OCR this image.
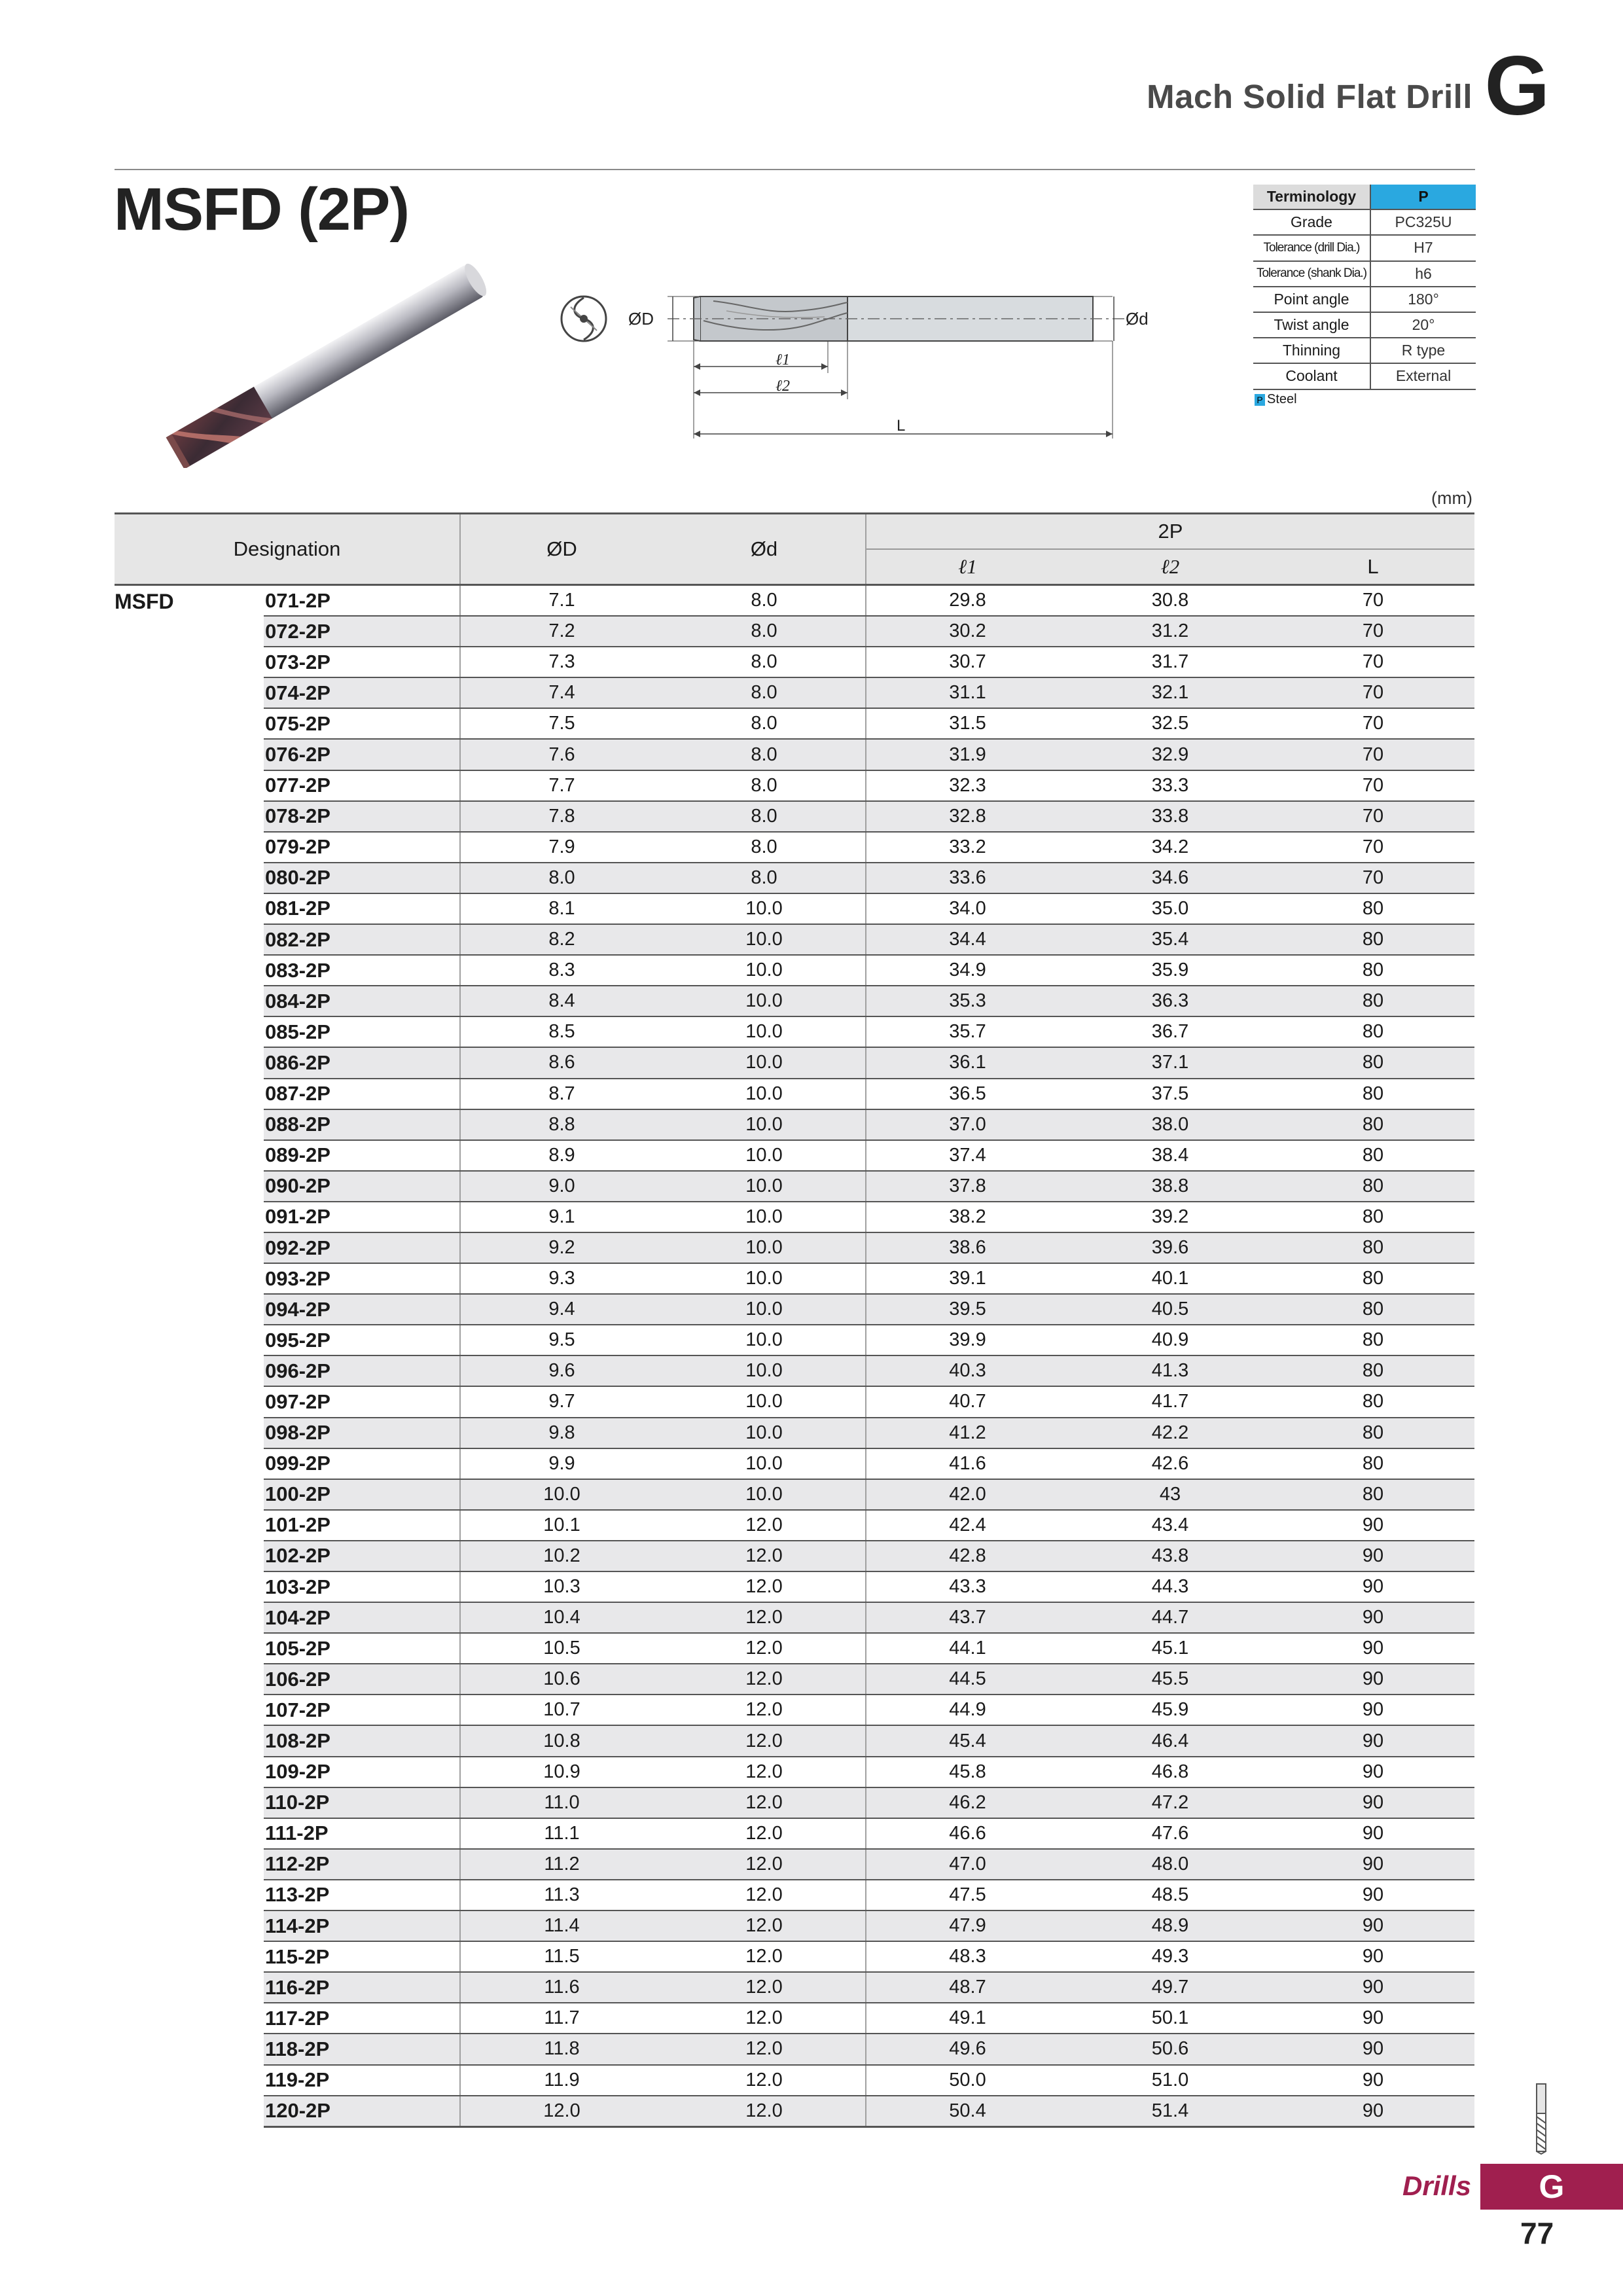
Mach Solid Flat Drill G
MSFD (2P)
ØD	Ød
ℓ1
ℓ2
L
Terminology	P
Grade	PC325U
Tolerance (drill Dia.)	H7
Tolerance (shank Dia.)	h6
Point angle	180°
Twist angle	20°
Thinning	R type
Coolant	External
P Steel
(mm)
Designation		ØD	Ød	2P		
				ℓ1	ℓ2	L
MSFD	071-2P	7.1	8.0	29.8	30.8	70
	072-2P	7.2	8.0	30.2	31.2	70
	073-2P	7.3	8.0	30.7	31.7	70
	074-2P	7.4	8.0	31.1	32.1	70
	075-2P	7.5	8.0	31.5	32.5	70
	076-2P	7.6	8.0	31.9	32.9	70
	077-2P	7.7	8.0	32.3	33.3	70
	078-2P	7.8	8.0	32.8	33.8	70
	079-2P	7.9	8.0	33.2	34.2	70
	080-2P	8.0	8.0	33.6	34.6	70
	081-2P	8.1	10.0	34.0	35.0	80
	082-2P	8.2	10.0	34.4	35.4	80
	083-2P	8.3	10.0	34.9	35.9	80
	084-2P	8.4	10.0	35.3	36.3	80
	085-2P	8.5	10.0	35.7	36.7	80
	086-2P	8.6	10.0	36.1	37.1	80
	087-2P	8.7	10.0	36.5	37.5	80
	088-2P	8.8	10.0	37.0	38.0	80
	089-2P	8.9	10.0	37.4	38.4	80
	090-2P	9.0	10.0	37.8	38.8	80
	091-2P	9.1	10.0	38.2	39.2	80
	092-2P	9.2	10.0	38.6	39.6	80
	093-2P	9.3	10.0	39.1	40.1	80
	094-2P	9.4	10.0	39.5	40.5	80
	095-2P	9.5	10.0	39.9	40.9	80
	096-2P	9.6	10.0	40.3	41.3	80
	097-2P	9.7	10.0	40.7	41.7	80
	098-2P	9.8	10.0	41.2	42.2	80
	099-2P	9.9	10.0	41.6	42.6	80
	100-2P	10.0	10.0	42.0	43	80
	101-2P	10.1	12.0	42.4	43.4	90
	102-2P	10.2	12.0	42.8	43.8	90
	103-2P	10.3	12.0	43.3	44.3	90
	104-2P	10.4	12.0	43.7	44.7	90
	105-2P	10.5	12.0	44.1	45.1	90
	106-2P	10.6	12.0	44.5	45.5	90
	107-2P	10.7	12.0	44.9	45.9	90
	108-2P	10.8	12.0	45.4	46.4	90
	109-2P	10.9	12.0	45.8	46.8	90
	110-2P	11.0	12.0	46.2	47.2	90
	111-2P	11.1	12.0	46.6	47.6	90
	112-2P	11.2	12.0	47.0	48.0	90
	113-2P	11.3	12.0	47.5	48.5	90
	114-2P	11.4	12.0	47.9	48.9	90
	115-2P	11.5	12.0	48.3	49.3	90
	116-2P	11.6	12.0	48.7	49.7	90
	117-2P	11.7	12.0	49.1	50.1	90
	118-2P	11.8	12.0	49.6	50.6	90
	119-2P	11.9	12.0	50.0	51.0	90
	120-2P	12.0	12.0	50.4	51.4	90
Drills	G
77
